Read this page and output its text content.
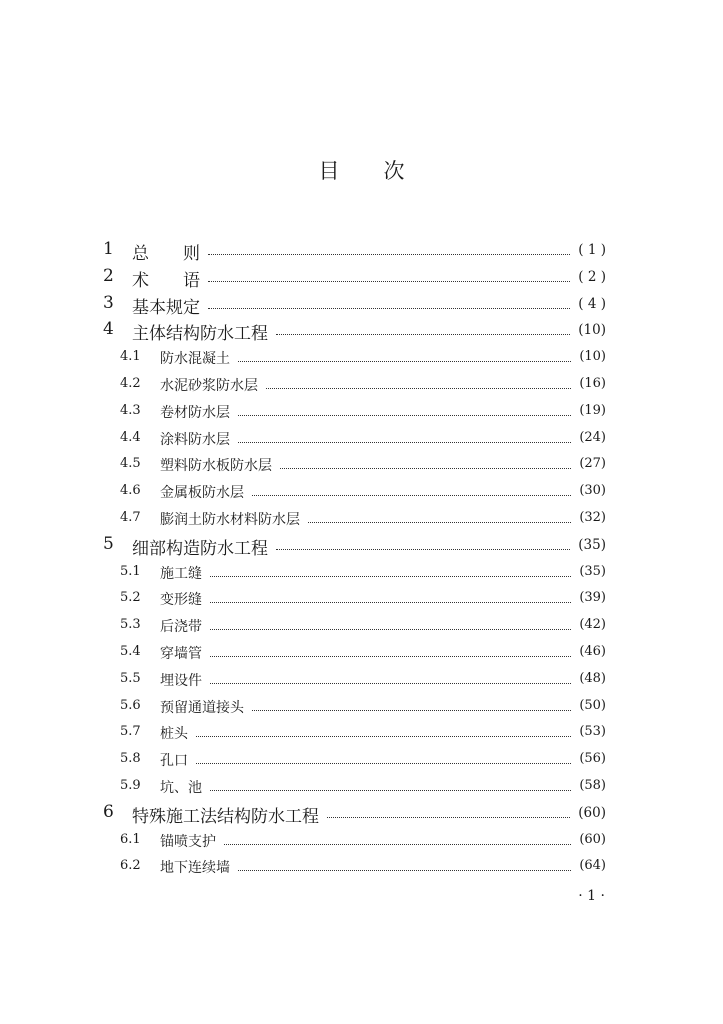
目 次
1 总　　则	( 1 )
2 术　　语	( 2 )
3 基本规定	( 4 )
4 主体结构防水工程	(10)
4.1 防水混凝土	(10)
4.2 水泥砂浆防水层	(16)
4.3 卷材防水层	(19)
4.4 涂料防水层	(24)
4.5 塑料防水板防水层	(27)
4.6 金属板防水层	(30)
4.7 膨润土防水材料防水层	(32)
5 细部构造防水工程	(35)
5.1 施工缝	(35)
5.2 变形缝	(39)
5.3 后浇带	(42)
5.4 穿墙管	(46)
5.5 埋设件	(48)
5.6 预留通道接头	(50)
5.7 桩头	(53)
5.8 孔口	(56)
5.9 坑、池	(58)
6 特殊施工法结构防水工程	(60)
6.1 锚喷支护	(60)
6.2 地下连续墙	(64)
· 1 ·
